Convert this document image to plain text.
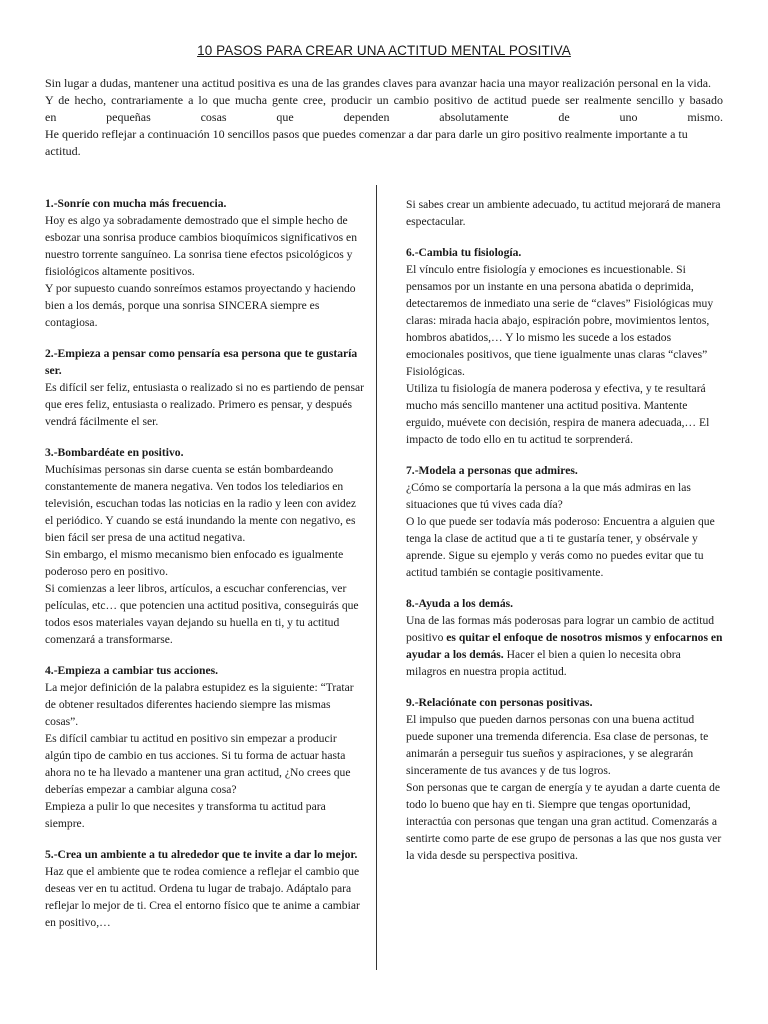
10 PASOS PARA CREAR UNA ACTITUD MENTAL POSITIVA

Sin lugar a dudas, mantener una actitud positiva es una de las grandes claves para avanzar hacia una mayor realización personal en la vida.

Y de hecho, contrariamente a lo que mucha gente cree, producir un cambio positivo de actitud puede ser realmente sencillo y basado

en pequeñas cosas que dependen absolutamente de uno mismo.

He querido reflejar a continuación 10 sencillos pasos que puedes comenzar a dar para darle un giro positivo realmente importante a tu actitud.

1.-Sonríe con mucha más frecuencia.

Hoy es algo ya sobradamente demostrado que el simple hecho de esbozar una sonrisa produce cambios bioquímicos significativos en nuestro torrente sanguíneo. La sonrisa tiene efectos psicológicos y fisiológicos altamente positivos.

Y por supuesto cuando sonreímos estamos proyectando y haciendo bien a los demás, porque una sonrisa SINCERA siempre es contagiosa.

2.-Empieza a pensar como pensaría esa persona que te gustaría ser.

Es difícil ser feliz, entusiasta o realizado si no es partiendo de pensar que eres feliz, entusiasta o realizado. Primero es pensar, y después vendrá fácilmente el ser.

3.-Bombardéate en positivo.

Muchísimas personas sin darse cuenta se están bombardeando constantemente de manera negativa. Ven todos los telediarios en televisión, escuchan todas las noticias en la radio y leen con avidez el periódico. Y cuando se está inundando la mente con negativo, es bien fácil ser presa de una actitud negativa.

Sin embargo, el mismo mecanismo bien enfocado es igualmente poderoso pero en positivo.

Si comienzas a leer libros, artículos, a escuchar conferencias, ver películas, etc… que potencien una actitud positiva, conseguirás que todos esos materiales vayan dejando su huella en ti, y tu actitud comenzará a transformarse.

4.-Empieza a cambiar tus acciones.

La mejor definición de la palabra estupidez es la siguiente: “Tratar de obtener resultados diferentes haciendo siempre las mismas cosas”.

Es difícil cambiar tu actitud en positivo sin empezar a producir algún tipo de cambio en tus acciones. Si tu forma de actuar hasta ahora no te ha llevado a mantener una gran actitud, ¿No crees que deberías empezar a cambiar alguna cosa?

Empieza a pulir lo que necesites y transforma tu actitud para siempre.

5.-Crea un ambiente a tu alrededor que te invite a dar lo mejor.

Haz que el ambiente que te rodea comience a reflejar el cambio que deseas ver en tu actitud. Ordena tu lugar de trabajo. Adáptalo para reflejar lo mejor de ti. Crea el entorno físico que te anime a cambiar en positivo,…

Si sabes crear un ambiente adecuado, tu actitud mejorará de manera espectacular.

6.-Cambia tu fisiología.

El vínculo entre fisiología y emociones es incuestionable. Si pensamos por un instante en una persona abatida o deprimida, detectaremos de inmediato una serie de “claves” Fisiológicas muy claras: mirada hacia abajo, espiración pobre, movimientos lentos, hombros abatidos,… Y lo mismo les sucede a los estados emocionales positivos, que tiene igualmente unas claras “claves” Fisiológicas.

Utiliza tu fisiología de manera poderosa y efectiva, y te resultará mucho más sencillo mantener una actitud positiva. Mantente erguido, muévete con decisión, respira de manera adecuada,… El impacto de todo ello en tu actitud te sorprenderá.

7.-Modela a personas que admires.

¿Cómo se comportaría la persona a la que más admiras en las situaciones que tú vives cada día?

O lo que puede ser todavía más poderoso: Encuentra a alguien que tenga la clase de actitud que a ti te gustaría tener, y obsérvale y aprende. Sigue su ejemplo y verás como no puedes evitar que tu actitud también se contagie positivamente.

8.-Ayuda a los demás.

Una de las formas más poderosas para lograr un cambio de actitud positivo es quitar el enfoque de nosotros mismos y enfocarnos en ayudar a los demás. Hacer el bien a quien lo necesita obra milagros en nuestra propia actitud.

9.-Relaciónate con personas positivas.

El impulso que pueden darnos personas con una buena actitud puede suponer una tremenda diferencia. Esa clase de personas, te animarán a perseguir tus sueños y aspiraciones, y se alegrarán sinceramente de tus avances y de tus logros.

Son personas que te cargan de energía y te ayudan a darte cuenta de todo lo bueno que hay en ti. Siempre que tengas oportunidad, interactúa con personas que tengan una gran actitud. Comenzarás a sentirte como parte de ese grupo de personas a las que nos gusta ver la vida desde su perspectiva positiva.
